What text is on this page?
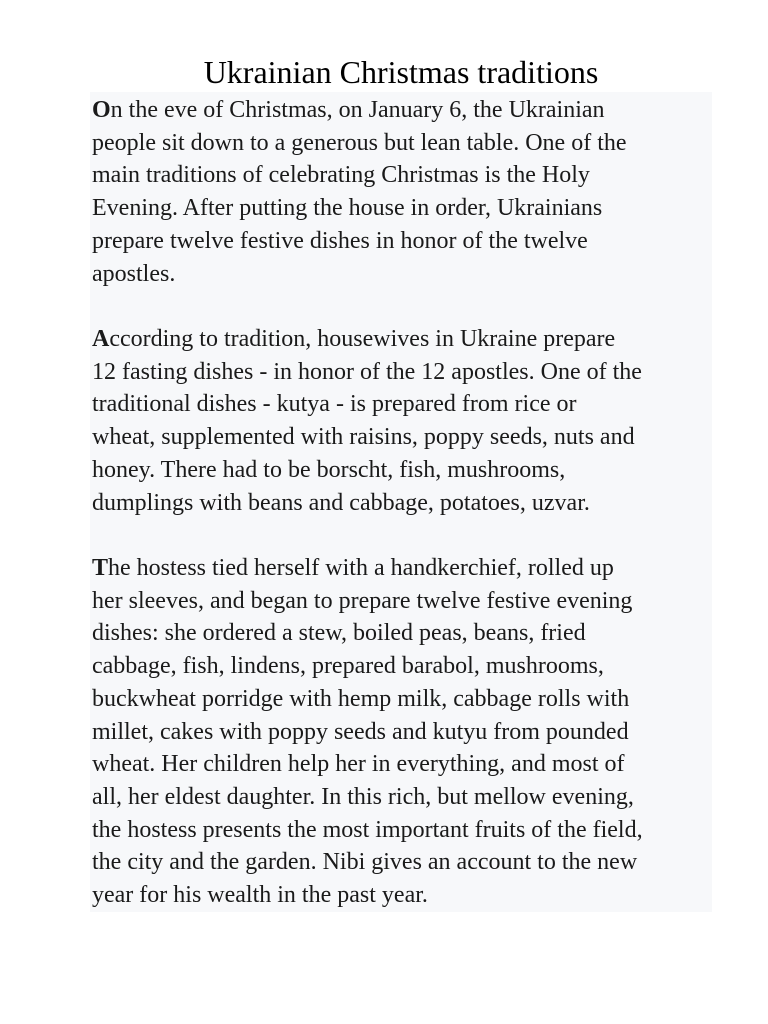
Ukrainian Christmas traditions
On the eve of Christmas, on January 6, the Ukrainian
people sit down to a generous but lean table. One of the
main traditions of celebrating Christmas is the Holy
Evening. After putting the house in order, Ukrainians
prepare twelve festive dishes in honor of the twelve
apostles.
According to tradition, housewives in Ukraine prepare
12 fasting dishes - in honor of the 12 apostles. One of the
traditional dishes - kutya - is prepared from rice or
wheat, supplemented with raisins, poppy seeds, nuts and
honey. There had to be borscht, fish, mushrooms,
dumplings with beans and cabbage, potatoes, uzvar.
The hostess tied herself with a handkerchief, rolled up
her sleeves, and began to prepare twelve festive evening
dishes: she ordered a stew, boiled peas, beans, fried
cabbage, fish, lindens, prepared barabol, mushrooms,
buckwheat porridge with hemp milk, cabbage rolls with
millet, cakes with poppy seeds and kutyu from pounded
wheat. Her children help her in everything, and most of
all, her eldest daughter. In this rich, but mellow evening,
the hostess presents the most important fruits of the field,
the city and the garden. Nibi gives an account to the new
year for his wealth in the past year.
